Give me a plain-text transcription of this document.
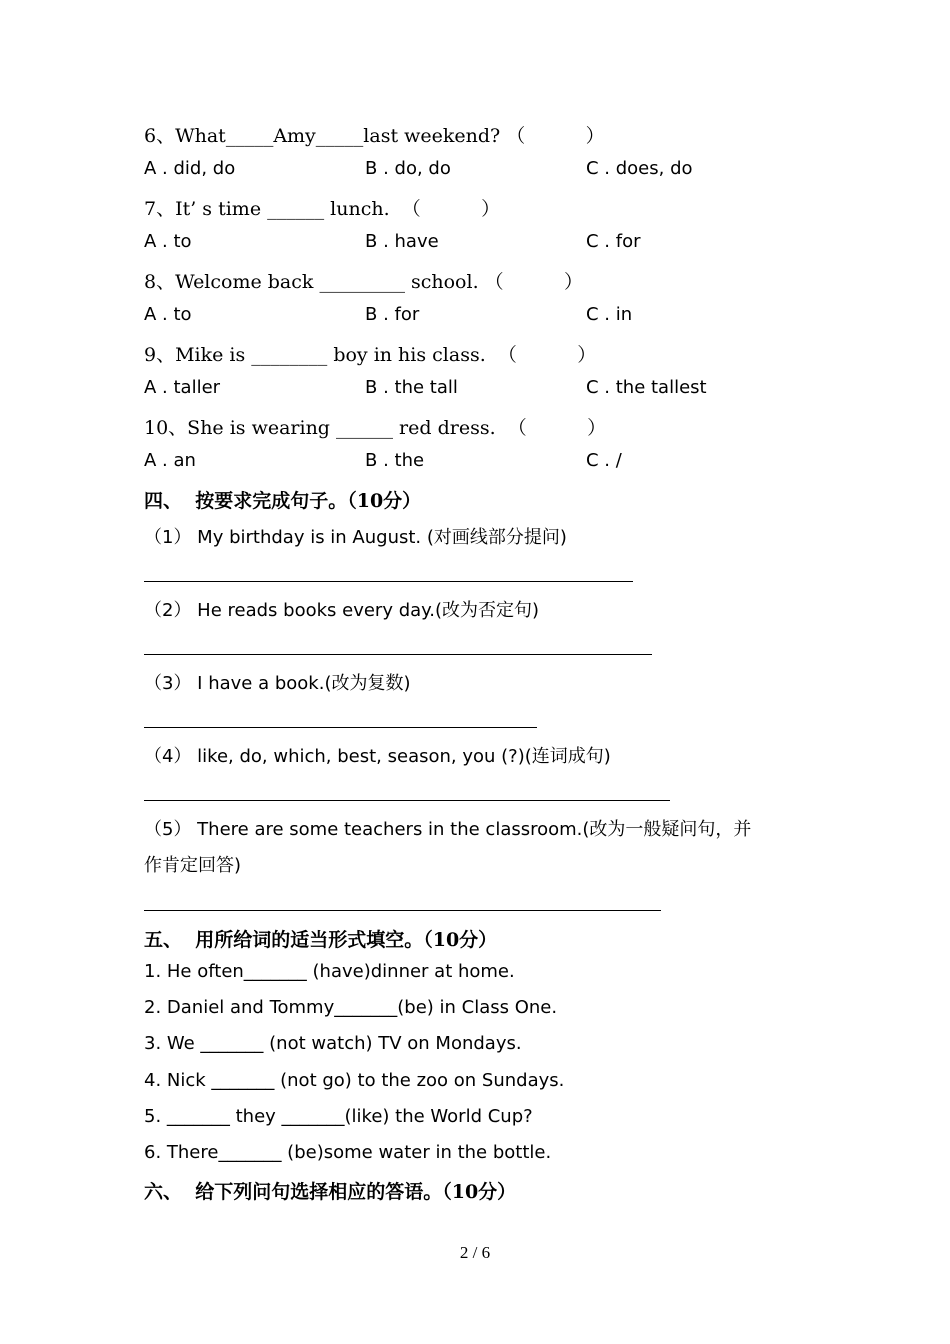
6、What_____Amy_____last weekend? （          ）
A . did, do	B . do, do	C . does, do
7、It’ s time ______ lunch.  （          ）
A . to	B . have	C . for
8、Welcome back _________ school. （          ）
A . to	B . for	C . in
9、Mike is ________ boy in his class.  （          ）
A . taller	B . the tall	C . the tallest
10、She is wearing ______ red dress.  （          ）
A . an	B . the	C . /
四、  按要求完成句子。（10分）
（1） My birthday is in August. (对画线部分提问)
（2） He reads books every day.(改为否定句)
（3） I have a book.(改为复数)
（4） like, do, which, best, season, you (?)(连词成句)
（5） There are some teachers in the classroom.(改为一般疑问句，并
作肯定回答)
五、  用所给词的适当形式填空。（10分）
1. He often_______ (have)dinner at home.
2. Daniel and Tommy_______(be) in Class One.
3. We _______ (not watch) TV on Mondays.
4. Nick _______ (not go) to the zoo on Sundays.
5. _______ they _______(like) the World Cup?
6. There_______ (be)some water in the bottle.
六、  给下列问句选择相应的答语。（10分）
2 / 6
